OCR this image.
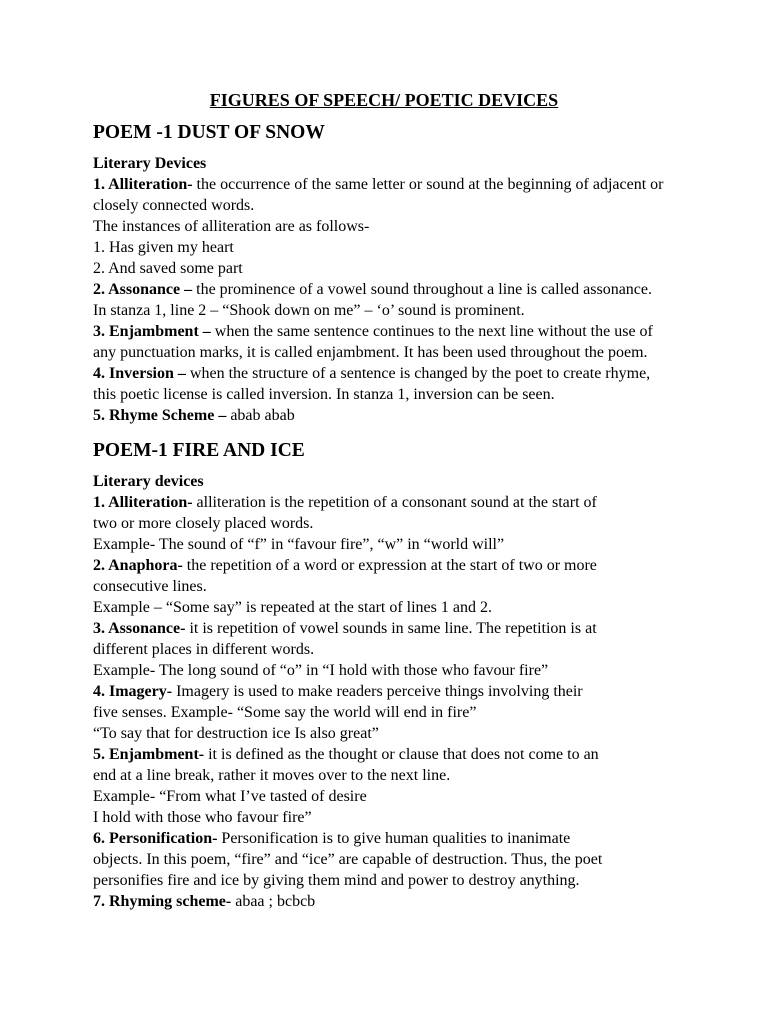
FIGURES OF SPEECH/ POETIC DEVICES
POEM -1 DUST OF SNOW
Literary Devices
1. Alliteration- the occurrence of the same letter or sound at the beginning of adjacent or
closely connected words.
The instances of alliteration are as follows-
1. Has given my heart
2. And saved some part
2. Assonance – the prominence of a vowel sound throughout a line is called assonance.
In stanza 1, line 2 – “Shook down on me” – ‘o’ sound is prominent.
3. Enjambment – when the same sentence continues to the next line without the use of
any punctuation marks, it is called enjambment. It has been used throughout the poem.
4. Inversion – when the structure of a sentence is changed by the poet to create rhyme,
this poetic license is called inversion. In stanza 1, inversion can be seen.
5. Rhyme Scheme – abab abab
POEM-1 FIRE AND ICE
Literary devices
1. Alliteration- alliteration is the repetition of a consonant sound at the start of
two or more closely placed words.
Example- The sound of “f” in “favour fire”, “w” in “world will”
2. Anaphora- the repetition of a word or expression at the start of two or more
consecutive lines.
Example – “Some say” is repeated at the start of lines 1 and 2.
3. Assonance- it is repetition of vowel sounds in same line. The repetition is at
different places in different words.
Example- The long sound of “o” in “I hold with those who favour fire”
4. Imagery- Imagery is used to make readers perceive things involving their
five senses. Example- “Some say the world will end in fire”
“To say that for destruction ice Is also great”
5. Enjambment- it is defined as the thought or clause that does not come to an
end at a line break, rather it moves over to the next line.
Example- “From what I’ve tasted of desire
I hold with those who favour fire”
6. Personification- Personification is to give human qualities to inanimate
objects. In this poem, “fire” and “ice” are capable of destruction. Thus, the poet
personifies fire and ice by giving them mind and power to destroy anything.
7. Rhyming scheme- abaa ; bcbcb
